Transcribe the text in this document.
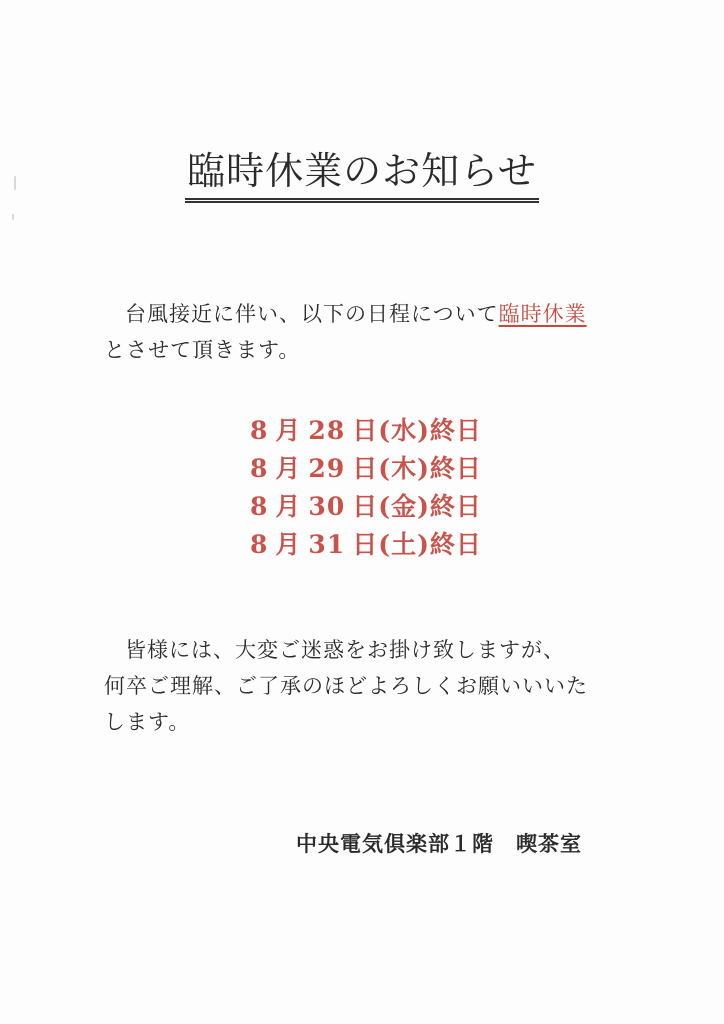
臨時休業のお知らせ
台風接近に伴い、以下の日程について臨時休業
とさせて頂きます。
8 月 28 日(水)終日
8 月 29 日(木)終日
8 月 30 日(金)終日
8 月 31 日(土)終日
皆様には、大変ご迷惑をお掛け致しますが、
何卒ご理解、ご了承のほどよろしくお願いいいた
します。
中央電気倶楽部１階　喫茶室
